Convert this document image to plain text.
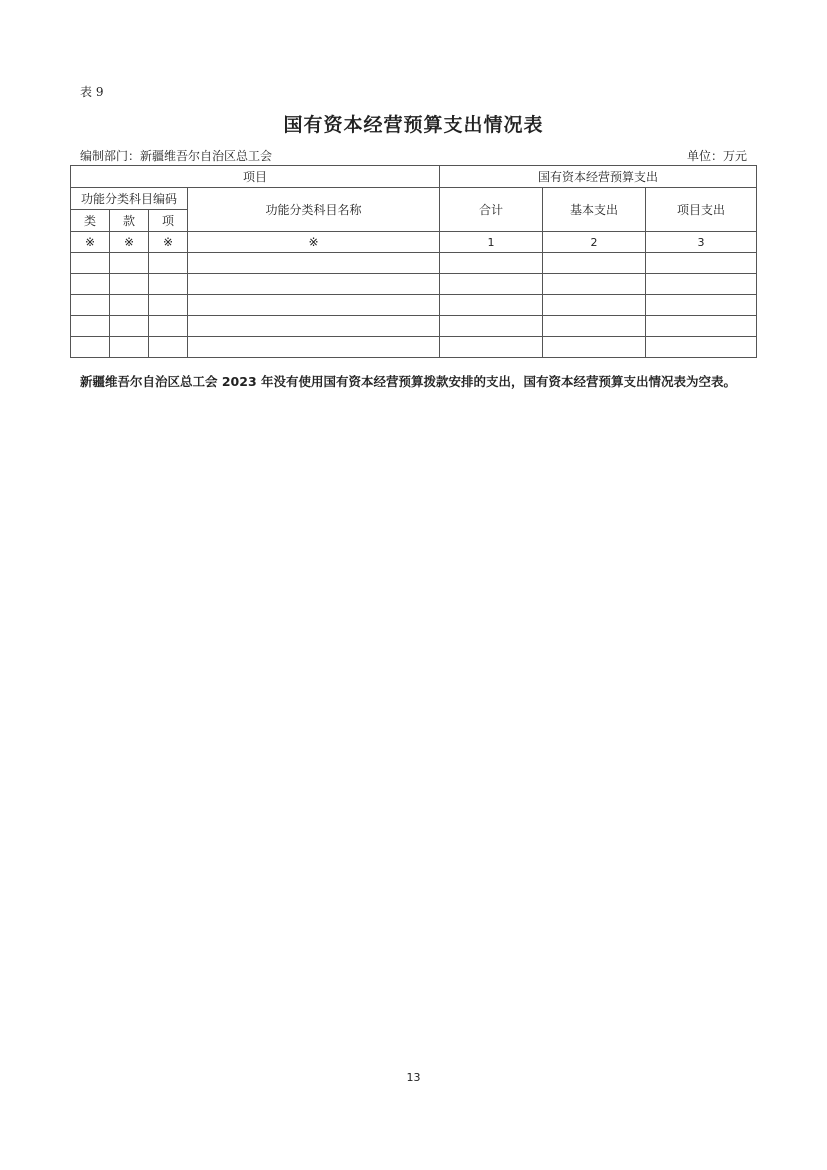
表 9
国有资本经营预算支出情况表
编制部门：新疆维吾尔自治区总工会	单位：万元
项目				国有资本经营预算支出		
功能分类科目编码			功能分类科目名称	合计	基本支出	项目支出
类	款	项				
※	※	※	※	1	2	3

新疆维吾尔自治区总工会 2023 年没有使用国有资本经营预算拨款安排的支出，国有资本经营预算支出情况表为空表。
13
